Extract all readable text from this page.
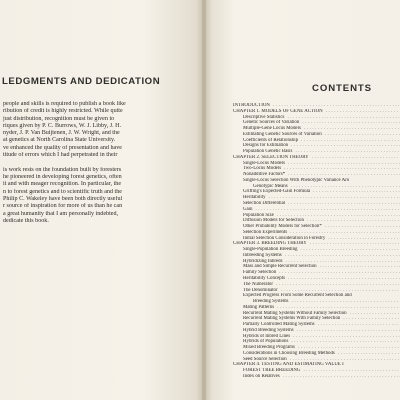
LEDGMENTS AND DEDICATION
people and skills is required to publish a book like
ribution of credit is highly restricted. While quite
just distribution, recognition must be given to
riques given by P. C. Burrows, W. J. Libby, J. H.
nyder, J. P. Van Buijtenen, J. W. Wright, and the
at genetics at North Carolina State University.
ve enhanced the quality of presentation and have
titude of errors which I had perpetrated in their
is work rests on the foundation built by foresters
he pioneered in developing forest genetics, often
it and with meager recognition. In particular, the
n to forest genetics and to scientific truth and the
Philip C. Wakeley have been both directly useful
r source of inspiration for more of us than he can
a great humanity that I am personally indebted,
dedicate this book.
CONTENTS
INTRODUCTION . . .
CHAPTER 1. MODELS OF GENE ACTION . . .
Descriptive Statistics . . .
Genetic Sources of Variation . . .
Multiple-Gene Locus Models . . .
Estimating Genetic Sources of Variation . . .
Coefficients of Relationship . . .
Designs for Estimation . . .
Population Genetic Basis . . .
CHAPTER 2. SELECTION THEORY . . .
Single-Locus Models . . .
Two-Locus Models . . .
Nonadditive Factors* . . .
Single-Locus Selection With Phenotypic Variance Aro
Genotypic Means . . .
Griffing's Expected-Gain Formula . . .
Heritability . . .
Selection Differential . . .
Gain . . .
Population Size . . .
Diffusion Models for Selection . . .
Other Probability Models for Selection* . . .
Selection Experiments . . .
Initial Selection Consideration in Forestry . . .
CHAPTER 3. BREEDING THEORY . . .
Single-Population Breeding . . .
Inbreeding Systems . . .
Hybridizing Inbreds . . .
Mass and Simple Recurrent Selection . . .
Family Selection . . .
Heritability Concepts . . .
The Numerator . . .
The Denominator . . .
Expected Progress From Some Recurrent Selection and
Breeding Systems . . .
Mating Patterns . . .
Recurrent Mating Systems Without Family Selection . . .
Recurrent Mating Systems With Family Selection . . .
Partially Controlled Mating Systems . . .
Hybrid Breeding Systems . . .
Hybrids of Inbred Lines . . .
Hybrids of Populations . . .
Mixed Breeding Programs . . .
Considerations in Choosing Breeding Methods . . .
Seed Source Selection . . .
CHAPTER 4. TESTING AND ESTIMATING VALUE I
FOREST TREE BREEDING . . .
Index on Relatives . . .
